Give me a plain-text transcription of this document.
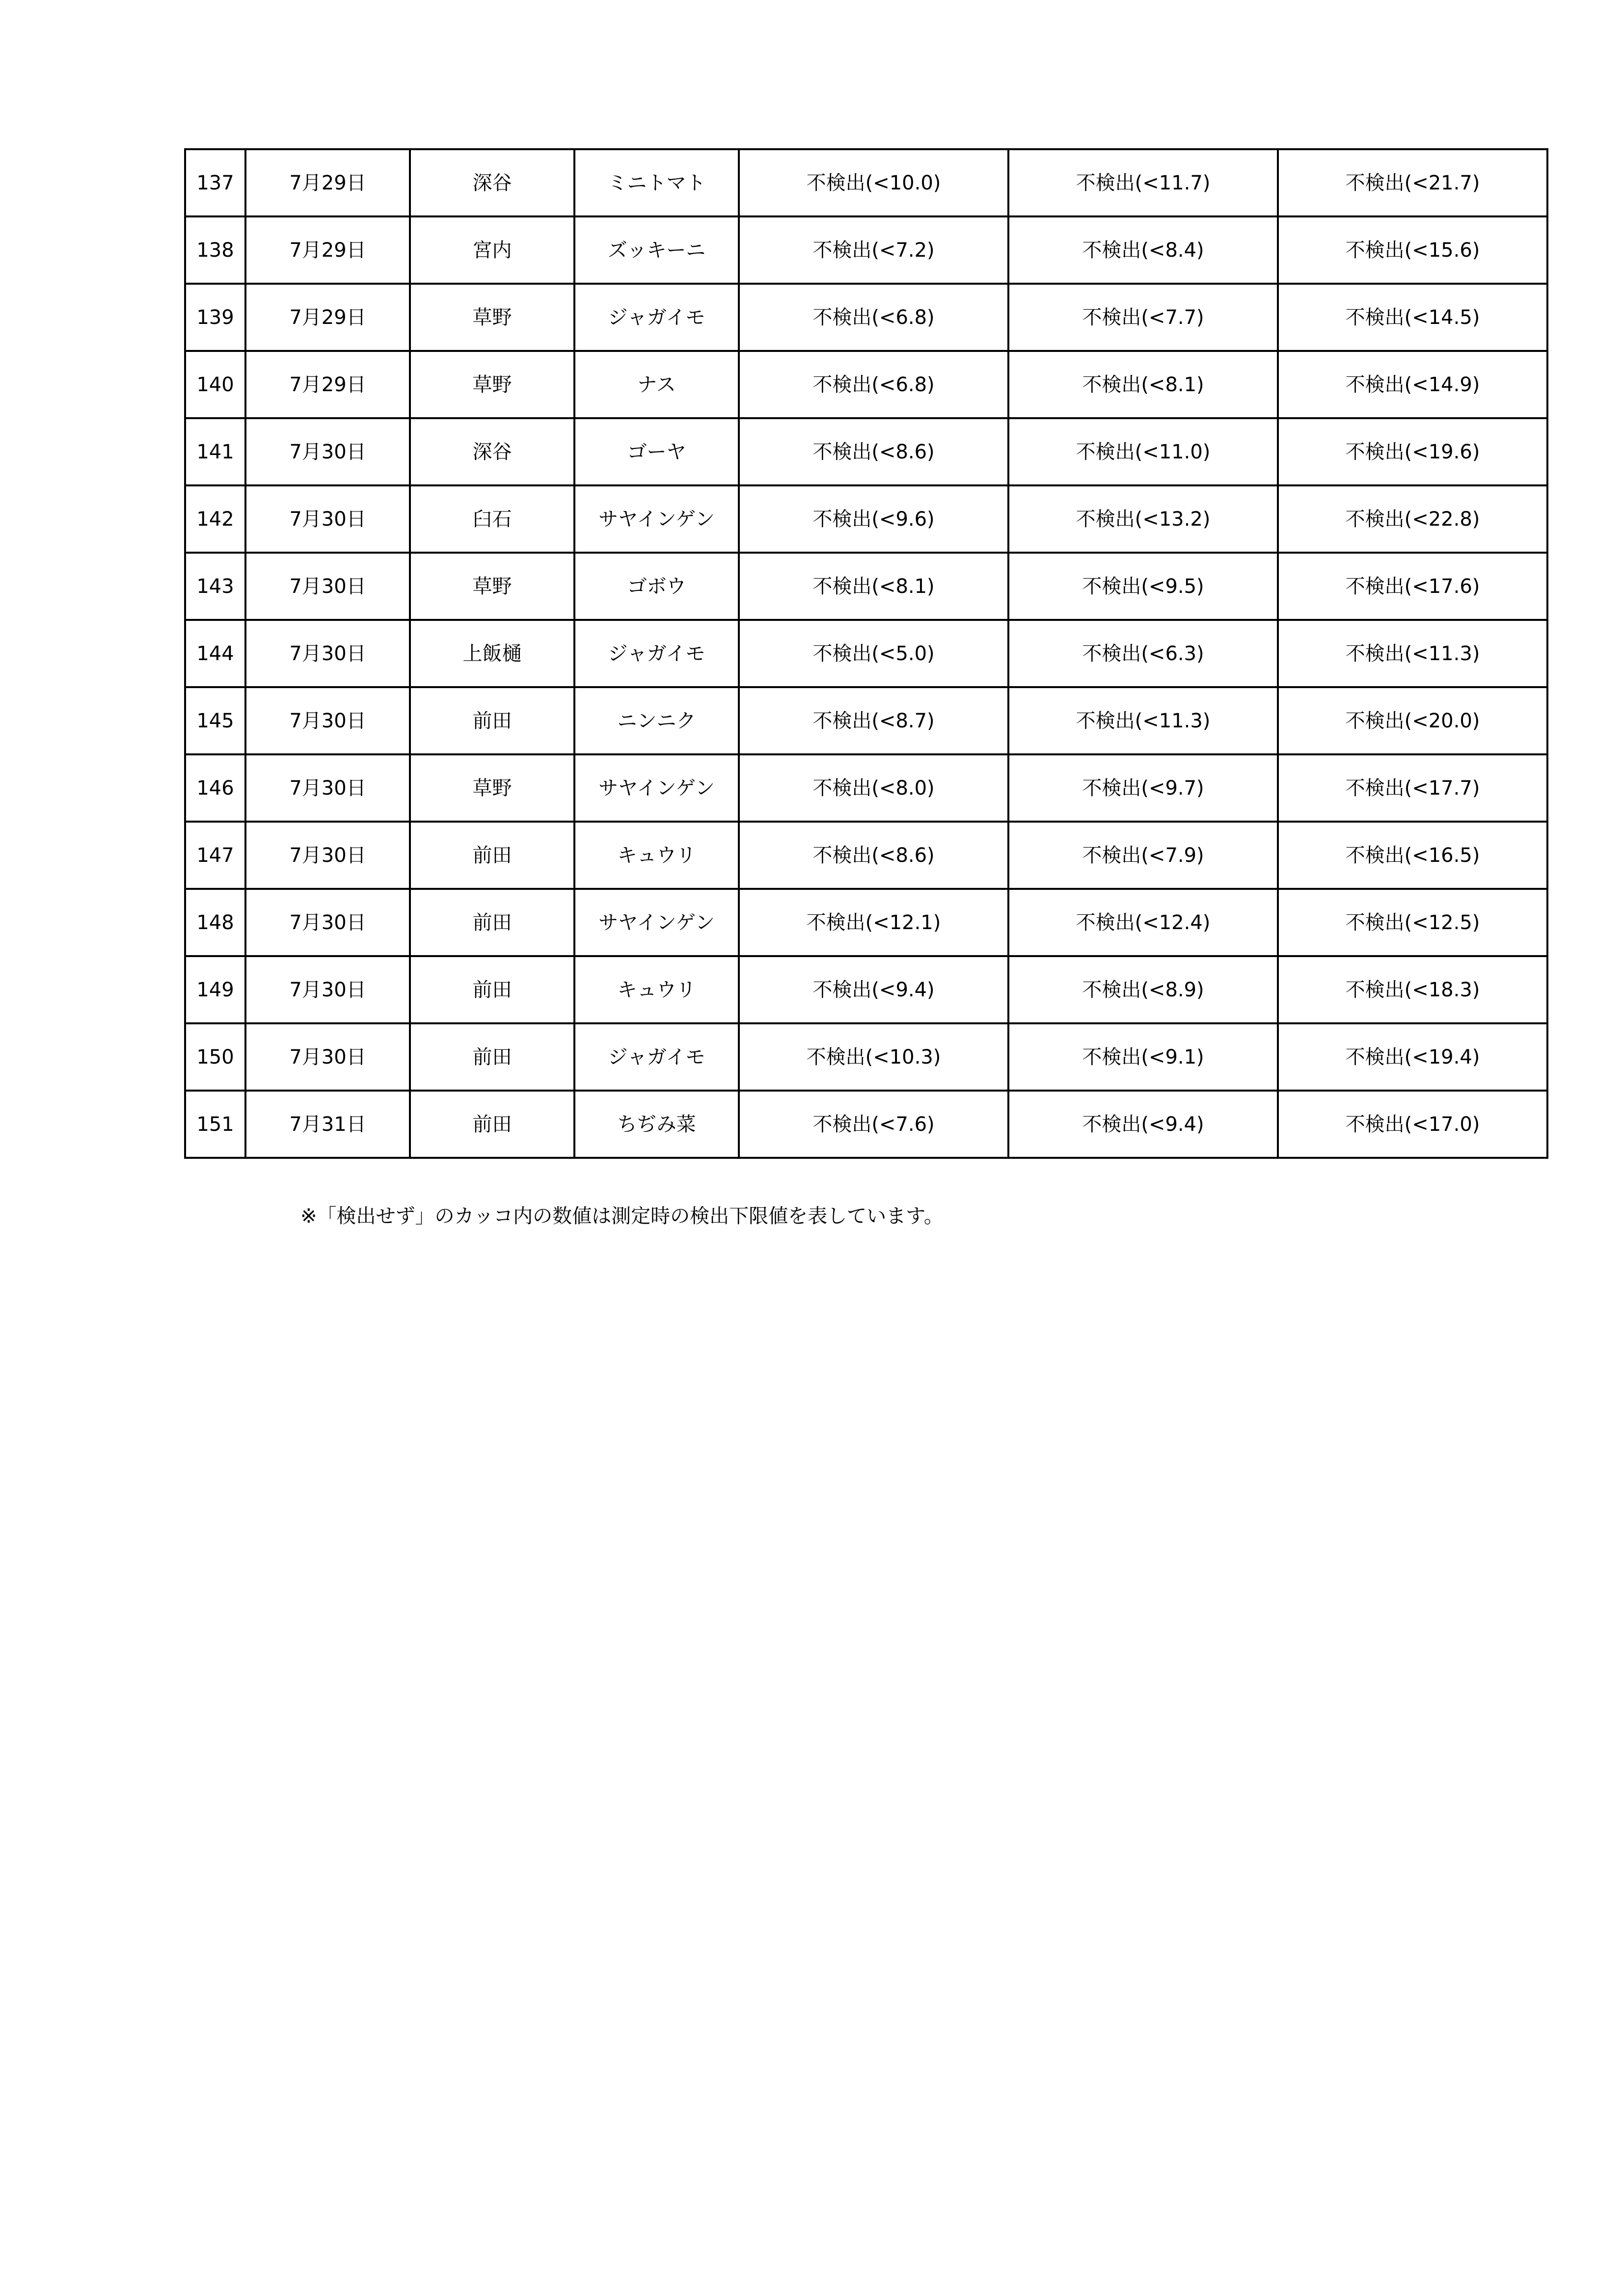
137	7月29日	深谷	ミニトマト	不検出(<10.0)	不検出(<11.7)	不検出(<21.7)
138	7月29日	宮内	ズッキーニ	不検出(<7.2)	不検出(<8.4)	不検出(<15.6)
139	7月29日	草野	ジャガイモ	不検出(<6.8)	不検出(<7.7)	不検出(<14.5)
140	7月29日	草野	ナス	不検出(<6.8)	不検出(<8.1)	不検出(<14.9)
141	7月30日	深谷	ゴーヤ	不検出(<8.6)	不検出(<11.0)	不検出(<19.6)
142	7月30日	臼石	サヤインゲン	不検出(<9.6)	不検出(<13.2)	不検出(<22.8)
143	7月30日	草野	ゴボウ	不検出(<8.1)	不検出(<9.5)	不検出(<17.6)
144	7月30日	上飯樋	ジャガイモ	不検出(<5.0)	不検出(<6.3)	不検出(<11.3)
145	7月30日	前田	ニンニク	不検出(<8.7)	不検出(<11.3)	不検出(<20.0)
146	7月30日	草野	サヤインゲン	不検出(<8.0)	不検出(<9.7)	不検出(<17.7)
147	7月30日	前田	キュウリ	不検出(<8.6)	不検出(<7.9)	不検出(<16.5)
148	7月30日	前田	サヤインゲン	不検出(<12.1)	不検出(<12.4)	不検出(<12.5)
149	7月30日	前田	キュウリ	不検出(<9.4)	不検出(<8.9)	不検出(<18.3)
150	7月30日	前田	ジャガイモ	不検出(<10.3)	不検出(<9.1)	不検出(<19.4)
151	7月31日	前田	ちぢみ菜	不検出(<7.6)	不検出(<9.4)	不検出(<17.0)
※「検出せず」のカッコ内の数値は測定時の検出下限値を表しています。
